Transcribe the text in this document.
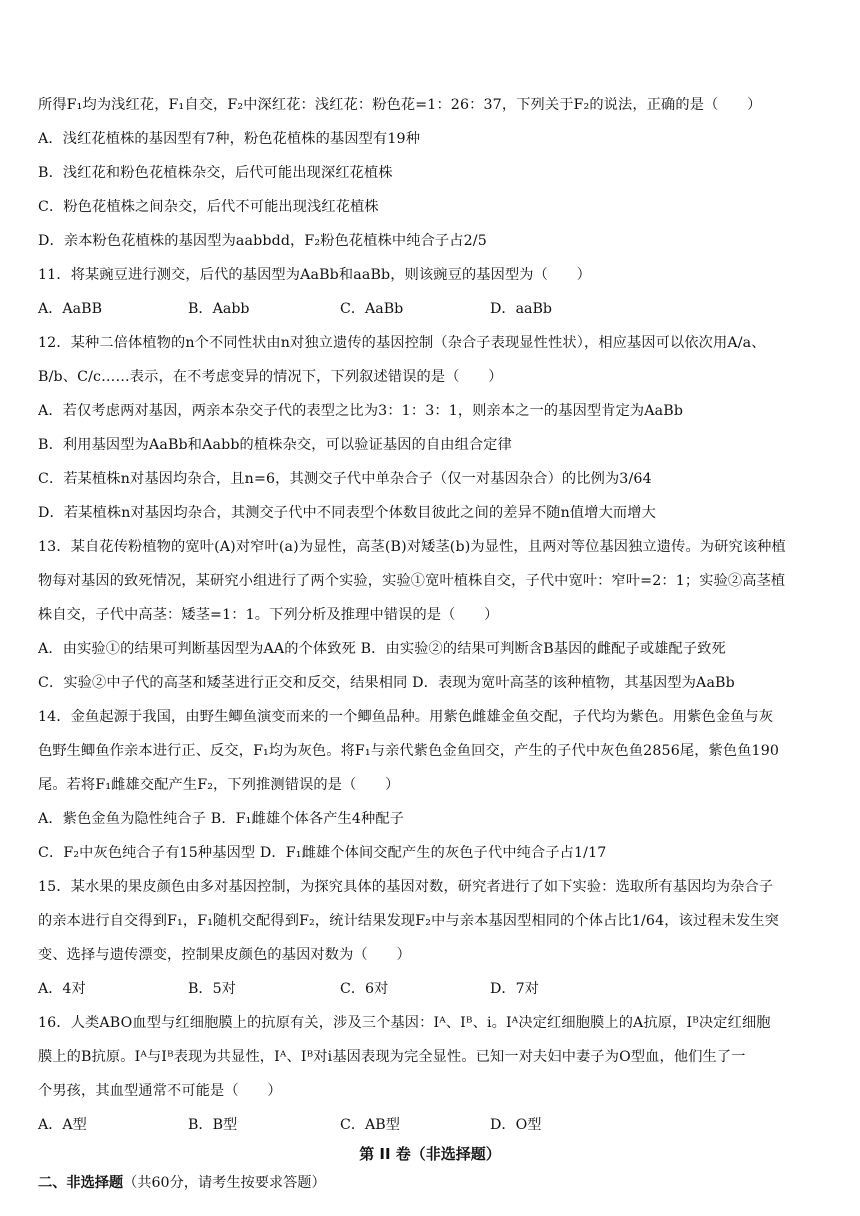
所得F₁均为浅红花，F₁自交，F₂中深红花：浅红花：粉色花=1：26：37，下列关于F₂的说法，正确的是（　　）
A．浅红花植株的基因型有7种，粉色花植株的基因型有19种
B．浅红花和粉色花植株杂交，后代可能出现深红花植株
C．粉色花植株之间杂交，后代不可能出现浅红花植株
D．亲本粉色花植株的基因型为aabbdd，F₂粉色花植株中纯合子占2/5
11．将某豌豆进行测交，后代的基因型为AaBb和aaBb，则该豌豆的基因型为（　　）
A．AaBB	B．Aabb	C．AaBb	D．aaBb
12．某种二倍体植物的n个不同性状由n对独立遗传的基因控制（杂合子表现显性性状），相应基因可以依次用A/a、
B/b、C/c……表示，在不考虑变异的情况下，下列叙述错误的是（　　）
A．若仅考虑两对基因，两亲本杂交子代的表型之比为3：1：3：1，则亲本之一的基因型肯定为AaBb
B．利用基因型为AaBb和Aabb的植株杂交，可以验证基因的自由组合定律
C．若某植株n对基因均杂合，且n=6，其测交子代中单杂合子（仅一对基因杂合）的比例为3/64
D．若某植株n对基因均杂合，其测交子代中不同表型个体数目彼此之间的差异不随n值增大而增大
13．某自花传粉植物的宽叶(A)对窄叶(a)为显性，高茎(B)对矮茎(b)为显性，且两对等位基因独立遗传。为研究该种植
物每对基因的致死情况，某研究小组进行了两个实验，实验①宽叶植株自交，子代中宽叶：窄叶=2：1；实验②高茎植
株自交，子代中高茎：矮茎=1：1。下列分析及推理中错误的是（　　）
A．由实验①的结果可判断基因型为AA的个体致死 B．由实验②的结果可判断含B基因的雌配子或雄配子致死
C．实验②中子代的高茎和矮茎进行正交和反交，结果相同 D．表现为宽叶高茎的该种植物，其基因型为AaBb
14．金鱼起源于我国，由野生鲫鱼演变而来的一个鲫鱼品种。用紫色雌雄金鱼交配，子代均为紫色。用紫色金鱼与灰
色野生鲫鱼作亲本进行正、反交，F₁均为灰色。将F₁与亲代紫色金鱼回交，产生的子代中灰色鱼2856尾，紫色鱼190
尾。若将F₁雌雄交配产生F₂，下列推测错误的是（　　）
A．紫色金鱼为隐性纯合子 B．F₁雌雄个体各产生4种配子
C．F₂中灰色纯合子有15种基因型 D．F₁雌雄个体间交配产生的灰色子代中纯合子占1/17
15．某水果的果皮颜色由多对基因控制，为探究具体的基因对数，研究者进行了如下实验：选取所有基因均为杂合子
的亲本进行自交得到F₁，F₁随机交配得到F₂，统计结果发现F₂中与亲本基因型相同的个体占比1/64，该过程未发生突
变、选择与遗传漂变，控制果皮颜色的基因对数为（　　）
A．4对	B．5对	C．6对	D．7对
16．人类ABO血型与红细胞膜上的抗原有关，涉及三个基因：Iᴬ、Iᴮ、i。Iᴬ决定红细胞膜上的A抗原，Iᴮ决定红细胞
膜上的B抗原。Iᴬ与Iᴮ表现为共显性，Iᴬ、Iᴮ对i基因表现为完全显性。已知一对夫妇中妻子为O型血，他们生了一
个男孩，其血型通常不可能是（　　）
A．A型	B．B型	C．AB型	D．O型
第 II 卷（非选择题）
二、非选择题（共60分，请考生按要求答题）
